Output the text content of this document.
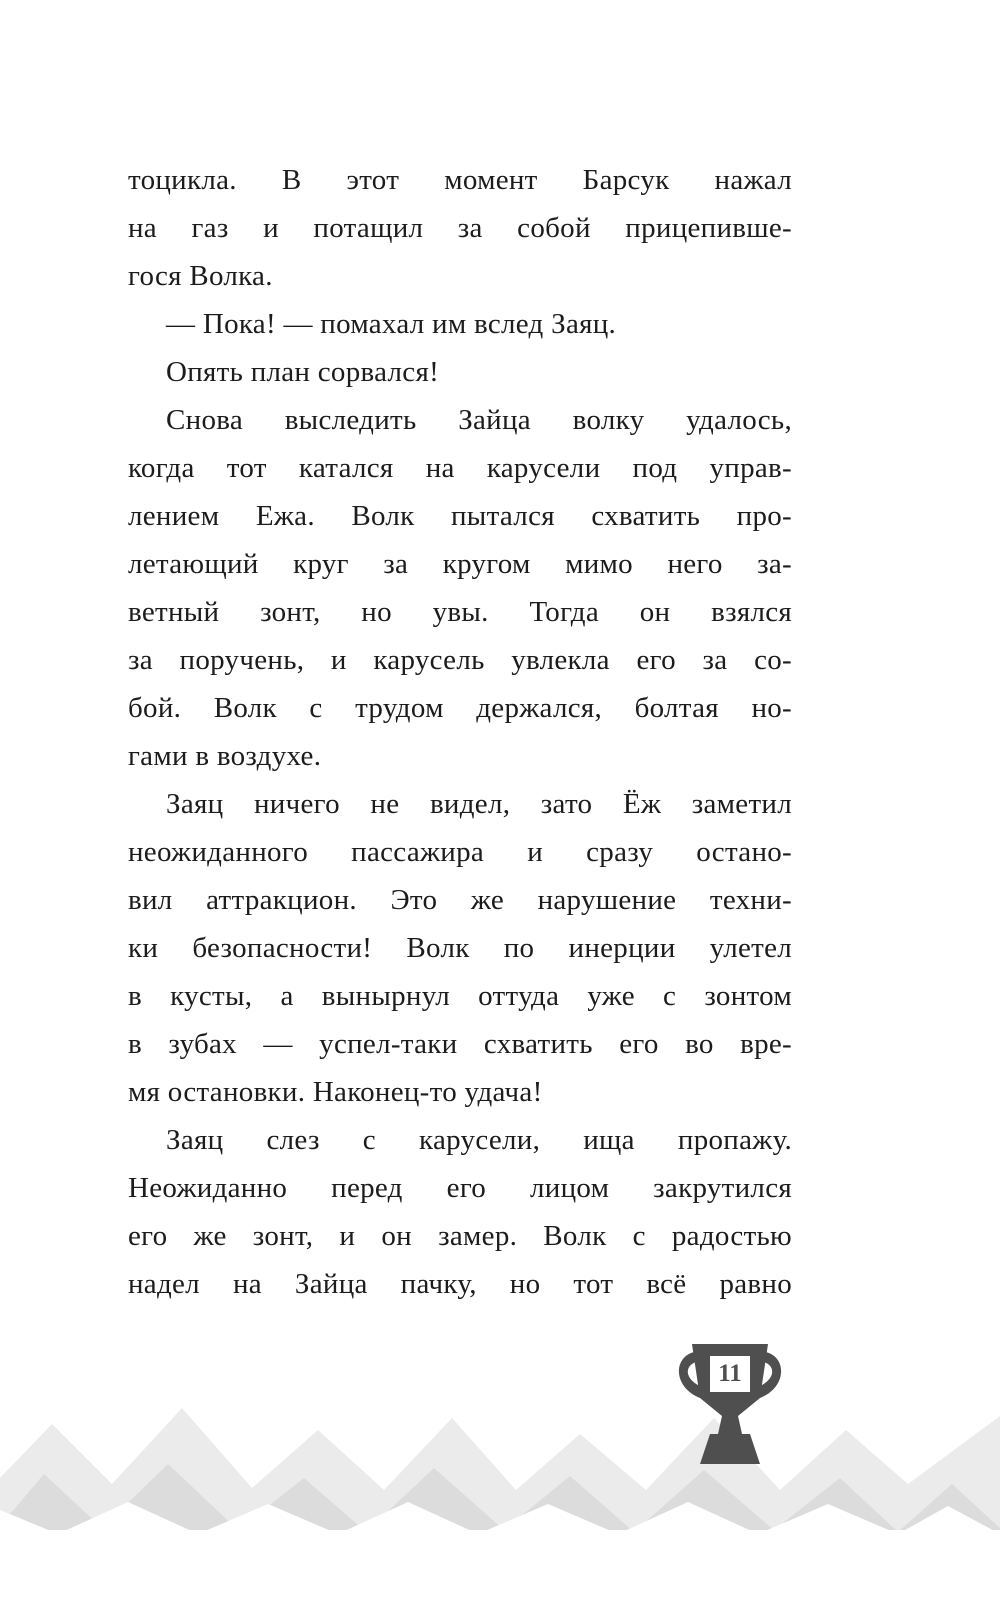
тоцикла. В этот момент Барсук нажал
на газ и потащил за собой прицепивше-
гося Волка.
— Пока! — помахал им вслед Заяц.
Опять план сорвался!
Снова выследить Зайца волку удалось,
когда тот катался на карусели под управ-
лением Ежа. Волк пытался схватить про-
летающий круг за кругом мимо него за-
ветный зонт, но увы. Тогда он взялся
за поручень, и карусель увлекла его за со-
бой. Волк с трудом держался, болтая но-
гами в воздухе.
Заяц ничего не видел, зато Ёж заметил
неожиданного пассажира и сразу остано-
вил аттракцион. Это же нарушение техни-
ки безопасности! Волк по инерции улетел
в кусты, а вынырнул оттуда уже с зонтом
в зубах — успел-таки схватить его во вре-
мя остановки. Наконец-то удача!
Заяц слез с карусели, ища пропажу.
Неожиданно перед его лицом закрутился
его же зонт, и он замер. Волк с радостью
надел на Зайца пачку, но тот всё равно
11
